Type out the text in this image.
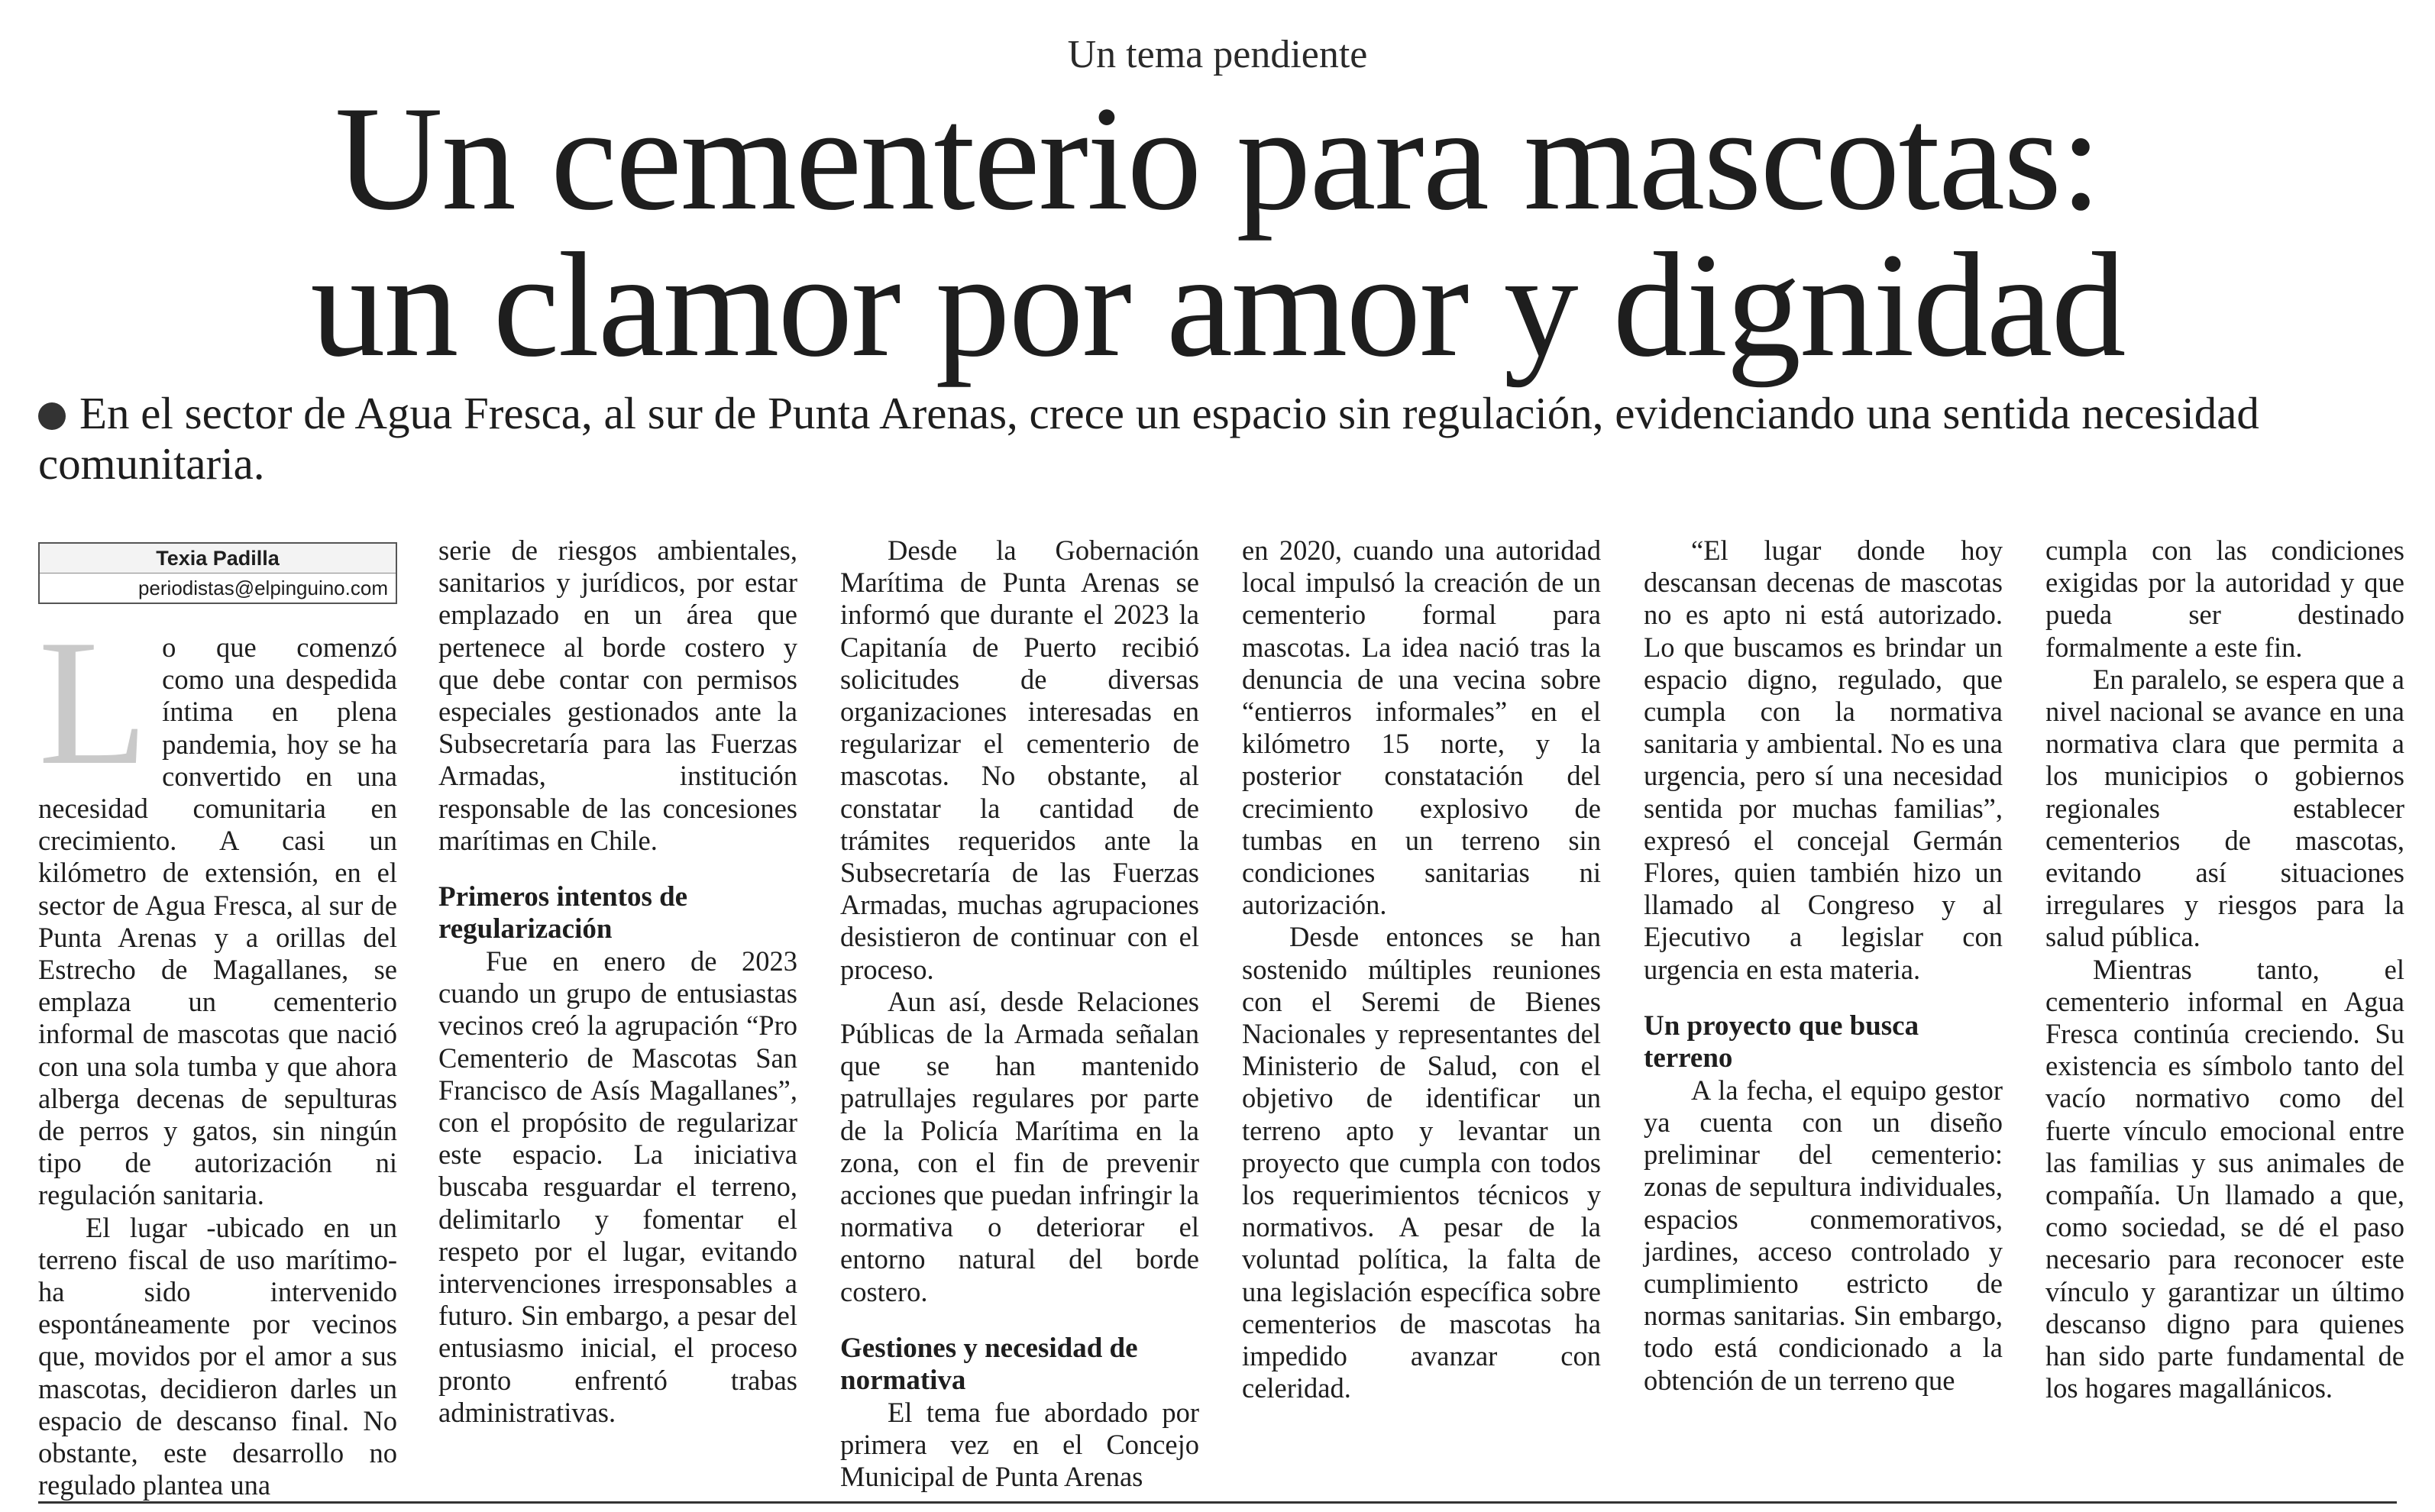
Un tema pendiente
Un cementerio para mascotas:
un clamor por amor y dignidad
En el sector de Agua Fresca, al sur de Punta Arenas, crece un espacio sin regulación, evidenciando una sentida necesidad comunitaria.
Texia Padilla
periodistas@elpinguino.com

Lo que comenzó como una despedida íntima en plena pandemia, hoy se ha convertido en una necesidad comunitaria en crecimiento. A casi un kilómetro de extensión, en el sector de Agua Fresca, al sur de Punta Arenas y a orillas del Estrecho de Magallanes, se emplaza un cementerio informal de mascotas que nació con una sola tumba y que ahora alberga decenas de sepulturas de perros y gatos, sin ningún tipo de autorización ni regulación sanitaria.

El lugar -ubicado en un terreno fiscal de uso marítimo- ha sido intervenido espontáneamente por vecinos que, movidos por el amor a sus mascotas, decidieron darles un espacio de descanso final. No obstante, este desarrollo no regulado plantea una

serie de riesgos ambientales, sanitarios y jurídicos, por estar emplazado en un área que pertenece al borde costero y que debe contar con permisos especiales gestionados ante la Subsecretaría para las Fuerzas Armadas, institución responsable de las concesiones marítimas en Chile.

Primeros intentos de regularización

Fue en enero de 2023 cuando un grupo de entusiastas vecinos creó la agrupación “Pro Cementerio de Mascotas San Francisco de Asís Magallanes”, con el propósito de regularizar este espacio. La iniciativa buscaba resguardar el terreno, delimitarlo y fomentar el respeto por el lugar, evitando intervenciones irresponsables a futuro. Sin embargo, a pesar del entusiasmo inicial, el proceso pronto enfrentó trabas administrativas.

Desde la Gobernación Marítima de Punta Arenas se informó que durante el 2023 la Capitanía de Puerto recibió solicitudes de diversas organizaciones interesadas en regularizar el cementerio de mascotas. No obstante, al constatar la cantidad de trámites requeridos ante la Subsecretaría de las Fuerzas Armadas, muchas agrupaciones desistieron de continuar con el proceso.

Aun así, desde Relaciones Públicas de la Armada señalan que se han mantenido patrullajes regulares por parte de la Policía Marítima en la zona, con el fin de prevenir acciones que puedan infringir la normativa o deteriorar el entorno natural del borde costero.

Gestiones y necesidad de normativa

El tema fue abordado por primera vez en el Concejo Municipal de Punta Arenas

en 2020, cuando una autoridad local impulsó la creación de un cementerio formal para mascotas. La idea nació tras la denuncia de una vecina sobre “entierros informales” en el kilómetro 15 norte, y la posterior constatación del crecimiento explosivo de tumbas en un terreno sin condiciones sanitarias ni autorización.

Desde entonces se han sostenido múltiples reuniones con el Seremi de Bienes Nacionales y representantes del Ministerio de Salud, con el objetivo de identificar un terreno apto y levantar un proyecto que cumpla con todos los requerimientos técnicos y normativos. A pesar de la voluntad política, la falta de una legislación específica sobre cementerios de mascotas ha impedido avanzar con celeridad.

“El lugar donde hoy descansan decenas de mascotas no es apto ni está autorizado. Lo que buscamos es brindar un espacio digno, regulado, que cumpla con la normativa sanitaria y ambiental. No es una urgencia, pero sí una necesidad sentida por muchas familias”, expresó el concejal Germán Flores, quien también hizo un llamado al Congreso y al Ejecutivo a legislar con urgencia en esta materia.

Un proyecto que busca terreno

A la fecha, el equipo gestor ya cuenta con un diseño preliminar del cementerio: zonas de sepultura individuales, espacios conmemorativos, jardines, acceso controlado y cumplimiento estricto de normas sanitarias. Sin embargo, todo está condicionado a la obtención de un terreno que

cumpla con las condiciones exigidas por la autoridad y que pueda ser destinado formalmente a este fin.

En paralelo, se espera que a nivel nacional se avance en una normativa clara que permita a los municipios o gobiernos regionales establecer cementerios de mascotas, evitando así situaciones irregulares y riesgos para la salud pública.

Mientras tanto, el cementerio informal en Agua Fresca continúa creciendo. Su existencia es símbolo tanto del vacío normativo como del fuerte vínculo emocional entre las familias y sus animales de compañía. Un llamado a que, como sociedad, se dé el paso necesario para reconocer este vínculo y garantizar un último descanso digno para quienes han sido parte fundamental de los hogares magallánicos.
